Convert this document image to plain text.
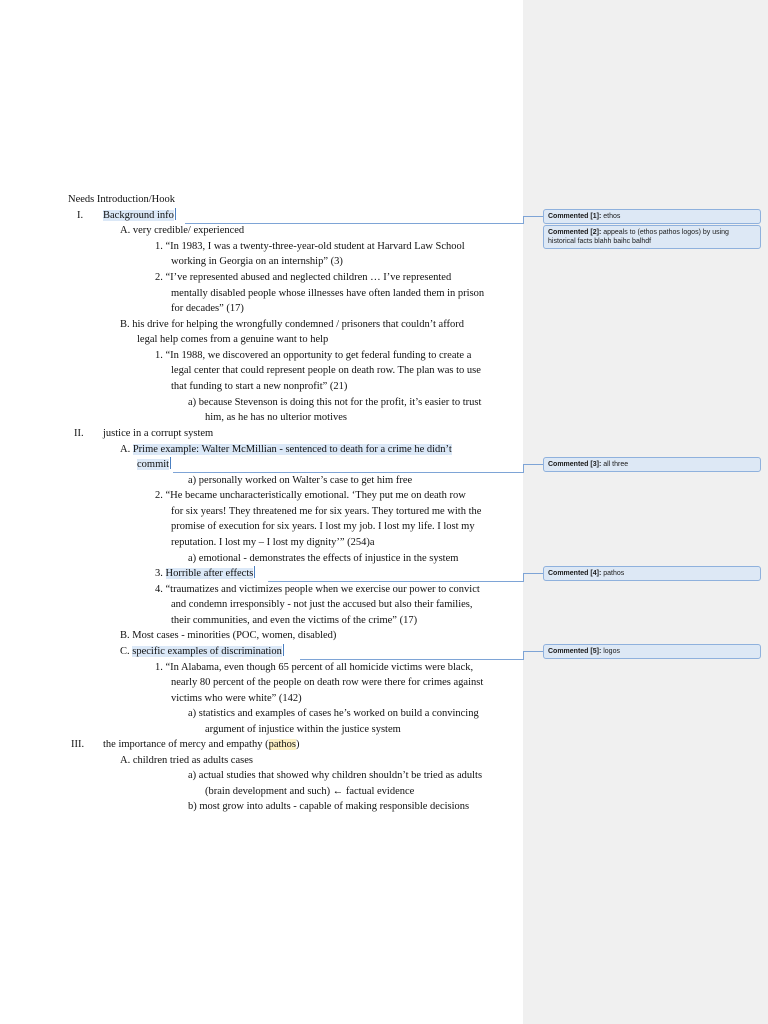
Needs Introduction/Hook
I. Background info
A. very credible/ experienced
1. “In 1983, I was a twenty-three-year-old student at Harvard Law School
working in Georgia on an internship” (3)
2. “I’ve represented abused and neglected children … I’ve represented
mentally disabled people whose illnesses have often landed them in prison
for decades” (17)
B. his drive for helping the wrongfully condemned / prisoners that couldn’t afford
legal help comes from a genuine want to help
1. “In 1988, we discovered an opportunity to get federal funding to create a
legal center that could represent people on death row. The plan was to use
that funding to start a new nonprofit” (21)
a) because Stevenson is doing this not for the profit, it’s easier to trust
him, as he has no ulterior motives
II. justice in a corrupt system
A. Prime example: Walter McMillian - sentenced to death for a crime he didn’t
commit
a) personally worked on Walter’s case to get him free
2. “He became uncharacteristically emotional. ‘They put me on death row
for six years! They threatened me for six years. They tortured me with the
promise of execution for six years. I lost my job. I lost my life. I lost my
reputation. I lost my – I lost my dignity’” (254)a
a) emotional - demonstrates the effects of injustice in the system
3. Horrible after effects
4. “traumatizes and victimizes people when we exercise our power to convict
and condemn irresponsibly - not just the accused but also their families,
their communities, and even the victims of the crime” (17)
B. Most cases - minorities (POC, women, disabled)
C. specific examples of discrimination
1. “In Alabama, even though 65 percent of all homicide victims were black,
nearly 80 percent of the people on death row were there for crimes against
victims who were white” (142)
a) statistics and examples of cases he’s worked on build a convincing
argument of injustice within the justice system
III. the importance of mercy and empathy (pathos)
A. children tried as adults cases
a) actual studies that showed why children shouldn’t be tried as adults
(brain development and such) ← factual evidence
b) most grow into adults - capable of making responsible decisions
Commented [1]: ethos
Commented [2]: appeals to (ethos pathos logos) by using historical facts blahh baihc balhdf
Commented [3]: all three
Commented [4]: pathos
Commented [5]: logos
